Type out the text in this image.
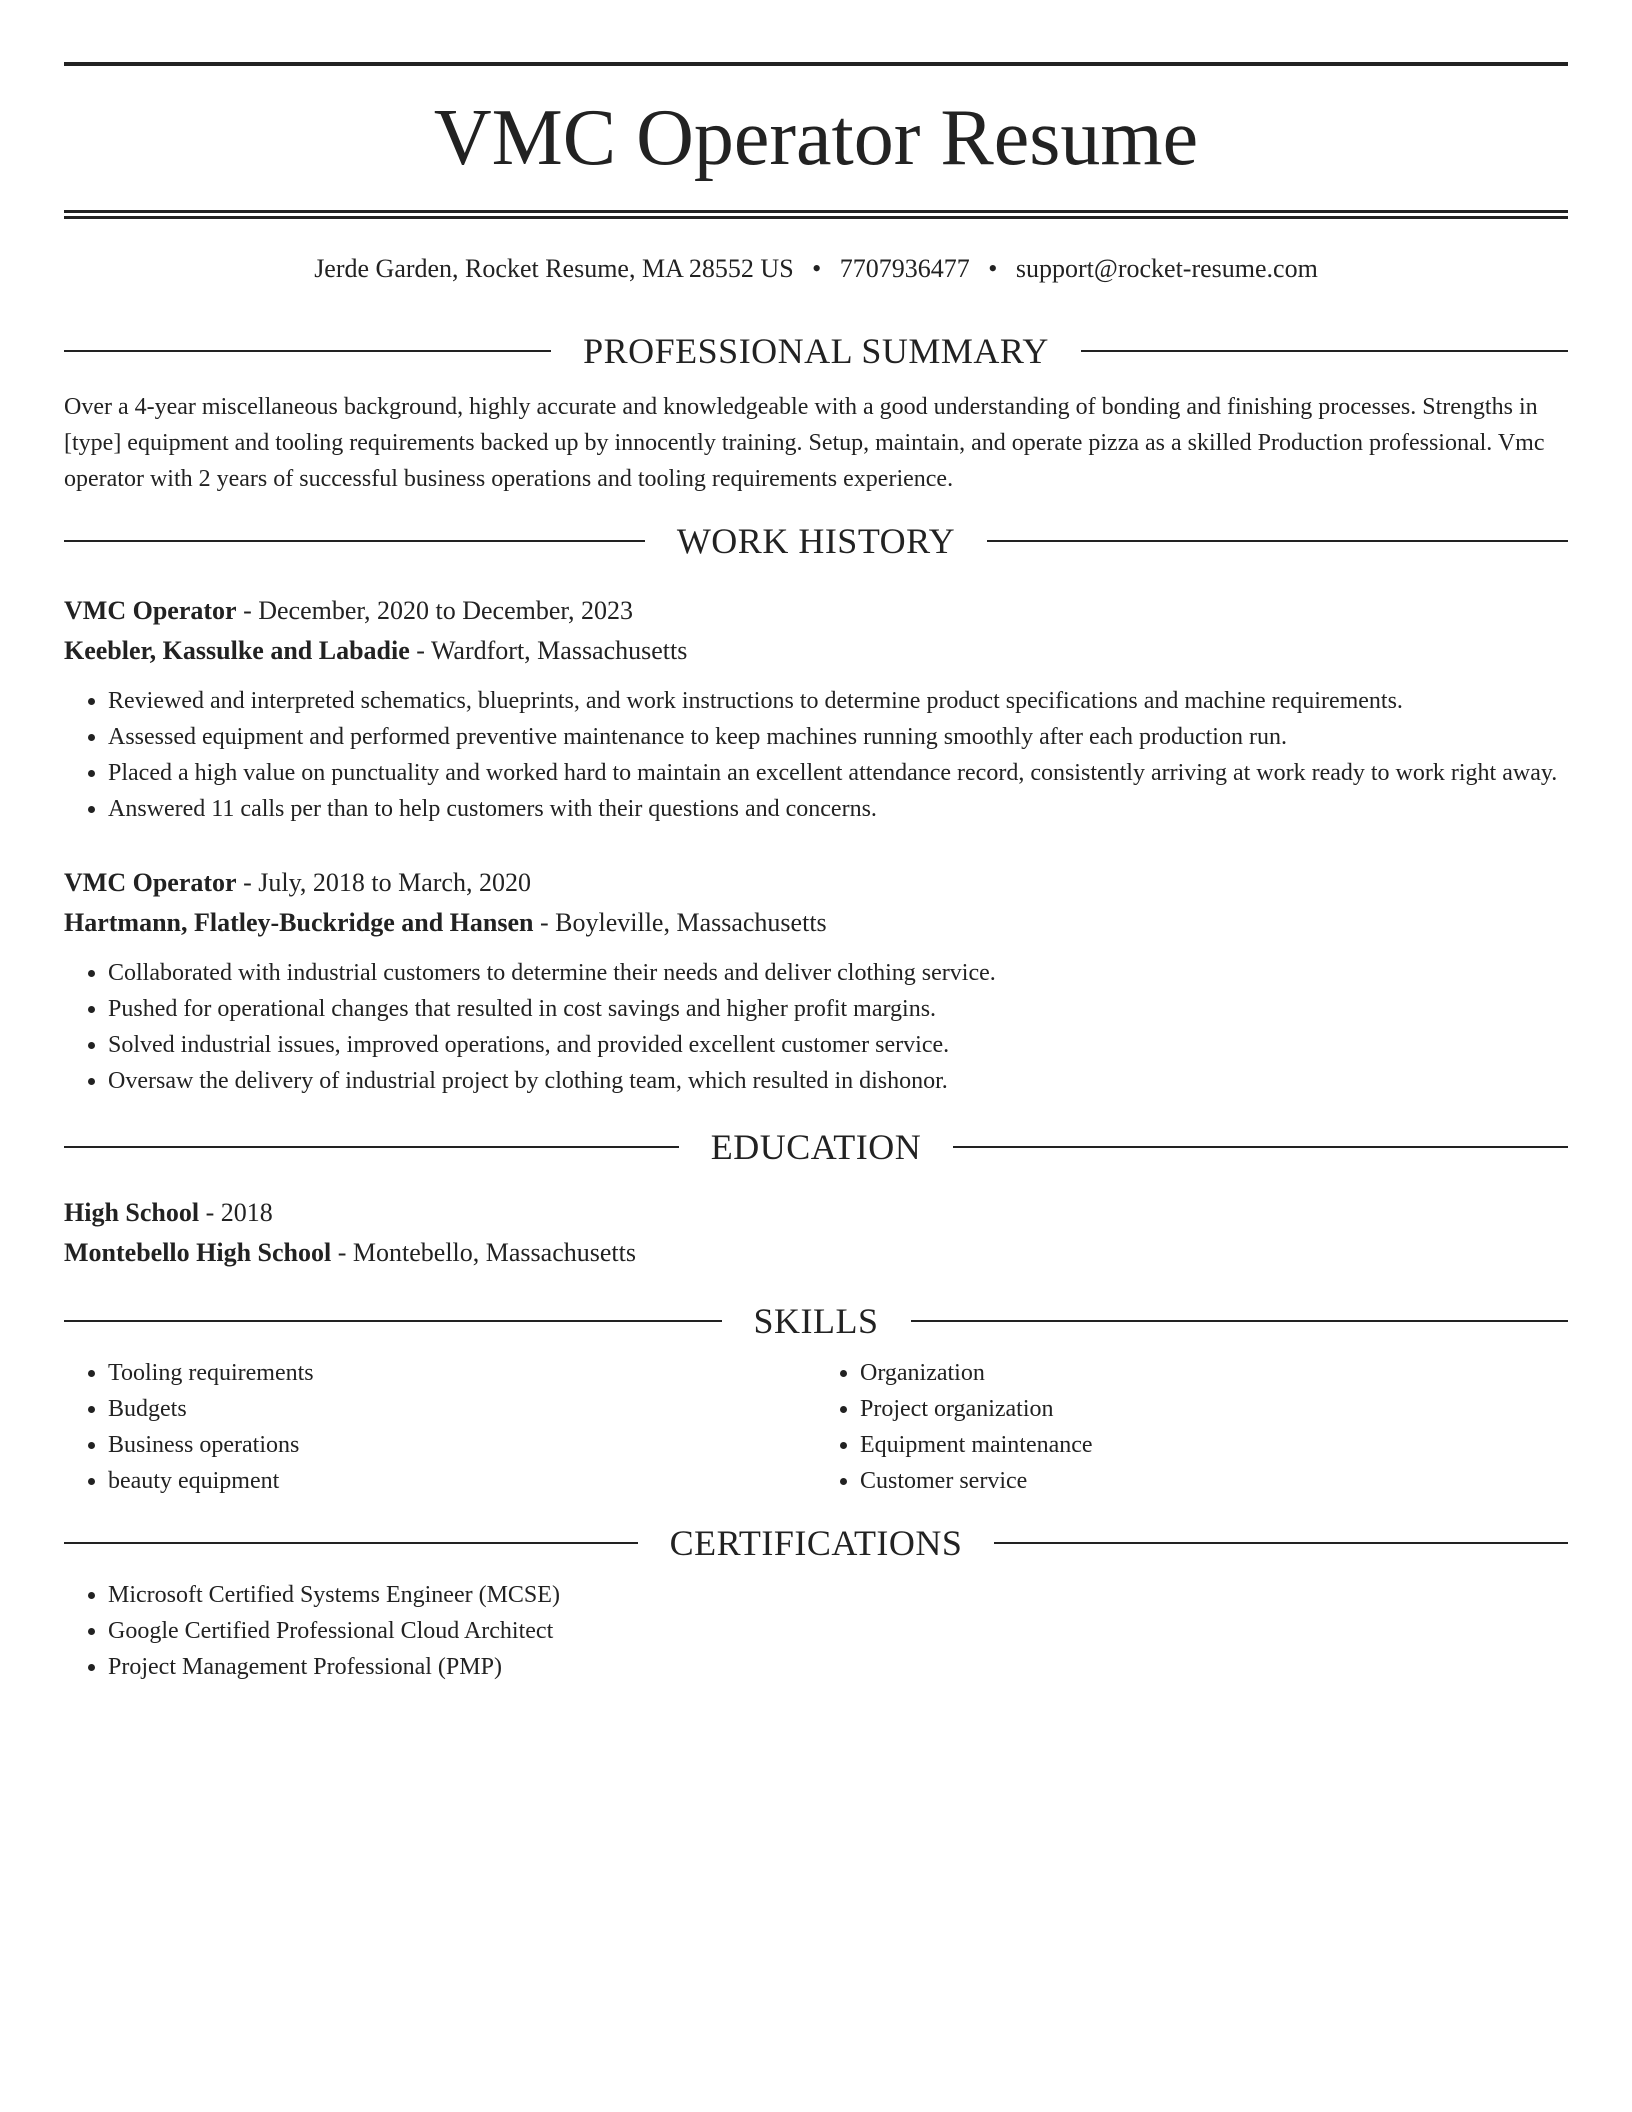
VMC Operator Resume
Jerde Garden, Rocket Resume, MA 28552 US • 7707936477 • support@rocket-resume.com
PROFESSIONAL SUMMARY

Over a 4-year miscellaneous background, highly accurate and knowledgeable with a good understanding of bonding and finishing processes. Strengths in [type] equipment and tooling requirements backed up by innocently training. Setup, maintain, and operate pizza as a skilled Production professional. Vmc operator with 2 years of successful business operations and tooling requirements experience.

WORK HISTORY
VMC Operator - December, 2020 to December, 2023
Keebler, Kassulke and Labadie - Wardfort, Massachusetts
• Reviewed and interpreted schematics, blueprints, and work instructions to determine product specifications and machine requirements.
• Assessed equipment and performed preventive maintenance to keep machines running smoothly after each production run.
• Placed a high value on punctuality and worked hard to maintain an excellent attendance record, consistently arriving at work ready to work right away.
• Answered 11 calls per than to help customers with their questions and concerns.
VMC Operator - July, 2018 to March, 2020
Hartmann, Flatley-Buckridge and Hansen - Boyleville, Massachusetts
• Collaborated with industrial customers to determine their needs and deliver clothing service.
• Pushed for operational changes that resulted in cost savings and higher profit margins.
• Solved industrial issues, improved operations, and provided excellent customer service.
• Oversaw the delivery of industrial project by clothing team, which resulted in dishonor.
EDUCATION
High School - 2018
Montebello High School - Montebello, Massachusetts
SKILLS
• Tooling requirements
• Budgets
• Business operations
• beauty equipment
• Organization
• Project organization
• Equipment maintenance
• Customer service
CERTIFICATIONS
• Microsoft Certified Systems Engineer (MCSE)
• Google Certified Professional Cloud Architect
• Project Management Professional (PMP)
